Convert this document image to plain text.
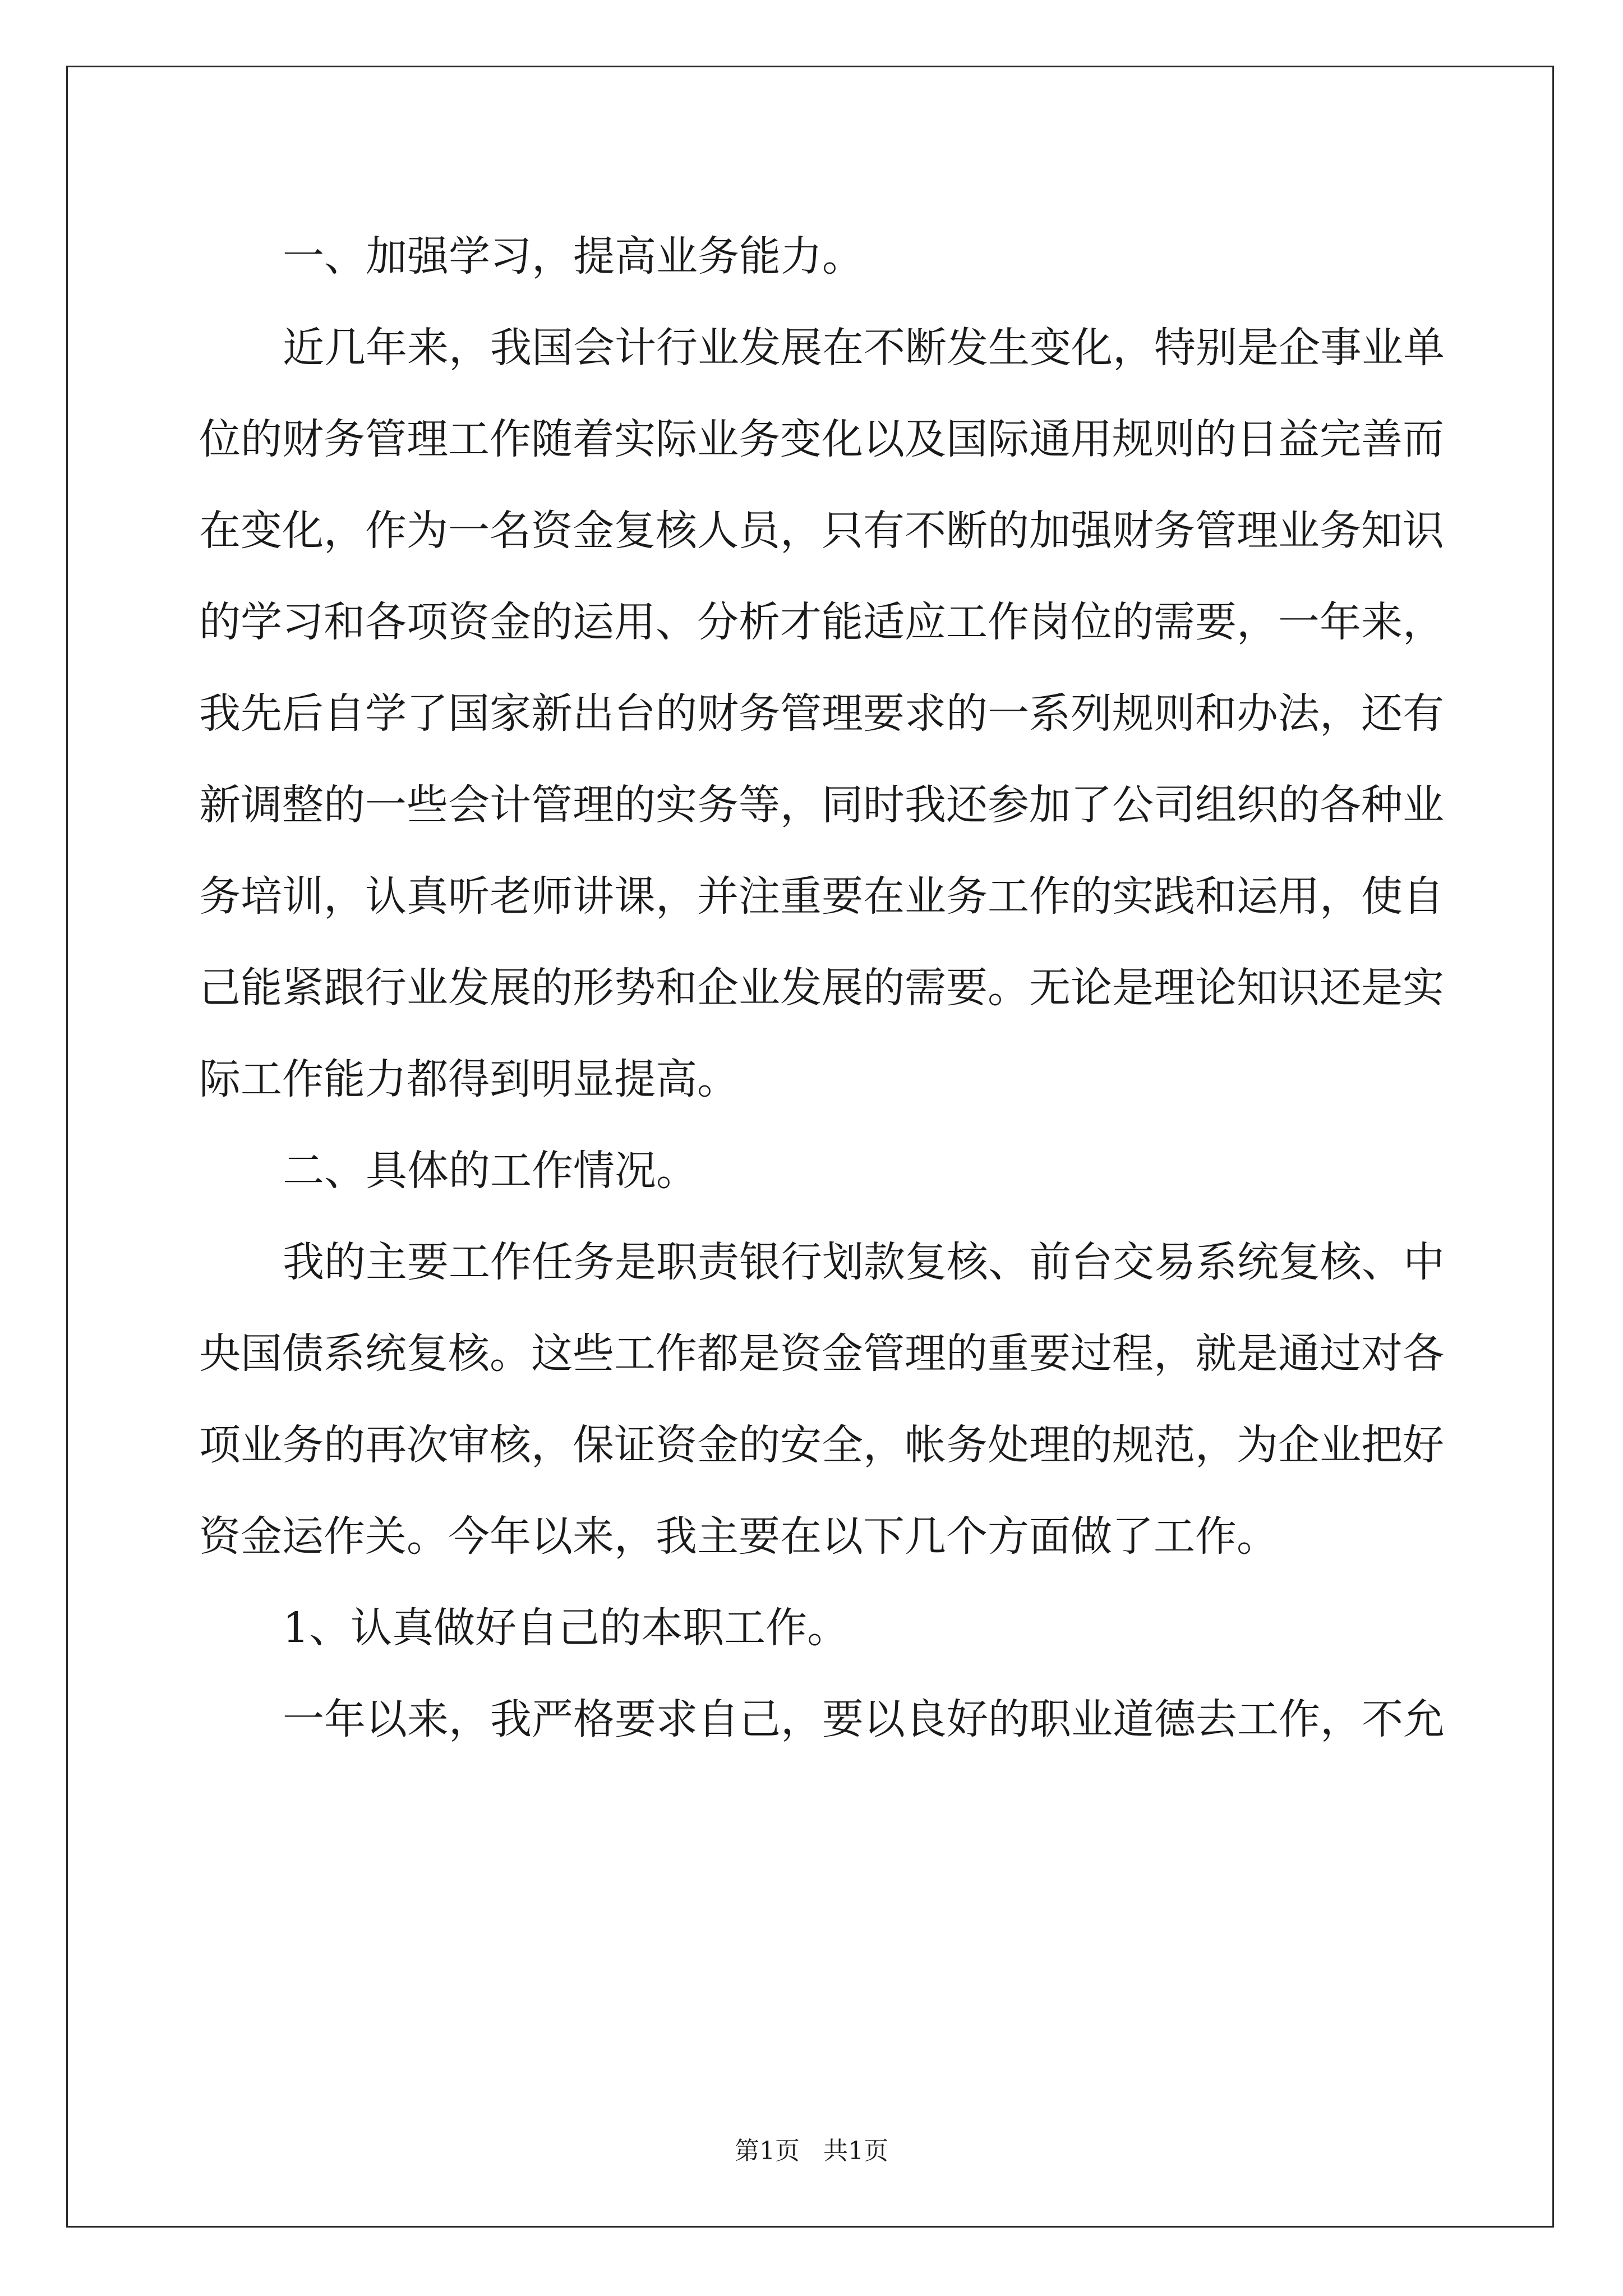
一、加强学习，提高业务能力。
近几年来，我国会计行业发展在不断发生变化，特别是企事业单
位的财务管理工作随着实际业务变化以及国际通用规则的日益完善而
在变化，作为一名资金复核人员，只有不断的加强财务管理业务知识
的学习和各项资金的运用、分析才能适应工作岗位的需要，一年来，
我先后自学了国家新出台的财务管理要求的一系列规则和办法，还有
新调整的一些会计管理的实务等，同时我还参加了公司组织的各种业
务培训，认真听老师讲课，并注重要在业务工作的实践和运用，使自
己能紧跟行业发展的形势和企业发展的需要。无论是理论知识还是实
际工作能力都得到明显提高。
二、具体的工作情况。
我的主要工作任务是职责银行划款复核、前台交易系统复核、中
央国债系统复核。这些工作都是资金管理的重要过程，就是通过对各
项业务的再次审核，保证资金的安全，帐务处理的规范，为企业把好
资金运作关。今年以来，我主要在以下几个方面做了工作。
1、认真做好自己的本职工作。
一年以来，我严格要求自己，要以良好的职业道德去工作，不允
第1页   共1页
